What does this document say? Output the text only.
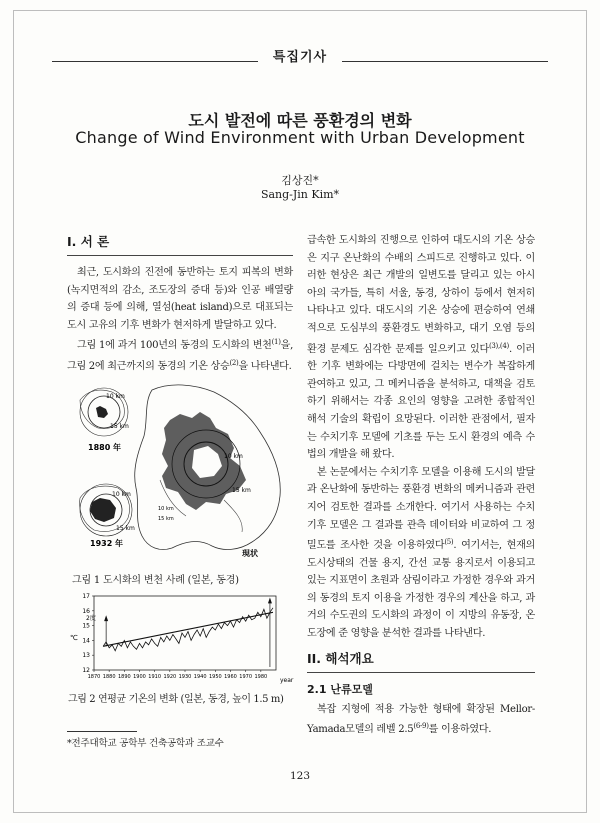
특집기사
도시 발전에 따른 풍환경의 변화
Change of Wind Environment with Urban Development
김상진*
Sang-Jin Kim*
I. 서 론

최근, 도시화의 진전에 동반하는 토지 피복의 변화(녹지면적의 감소, 조도장의 증대 등)와 인공 배열량의 증대 등에 의해, 열섬(heat island)으로 대표되는 도시 고유의 기후 변화가 현저하게 발달하고 있다.

그림 1에 과거 100년의 동경의 도시화의 변천$^{(1)}$을, 그림 2에 최근까지의 동경의 기온 상승$^{(2)}$을 나타낸다.

10 km
15 km
1880 年
10 km
15 km
1932 年
10 km
15 km
現状
10 km
15 km
그림 1 도시화의 변천 사례 (일본, 동경)
℃
2度
year
12
13
14
15
16
17
1870 1880 1890 1900 1910 1920 1930 1940 1950 1960 1970 1980
그림 2 연평균 기온의 변화 (일본, 동경, 높이 1.5 m)
*전주대학교 공학부 건축공학과 조교수

급속한 도시화의 진행으로 인하여 대도시의 기온 상승은 지구 온난화의 수배의 스피드로 진행하고 있다. 이러한 현상은 최근 개발의 일변도를 달리고 있는 아시아의 국가들, 특히 서울, 동경, 상하이 등에서 현저히 나타나고 있다. 대도시의 기온 상승에 편승하여 연쇄적으로 도심부의 풍환경도 변화하고, 대기 오염 등의 환경 문제도 심각한 문제를 일으키고 있다$^{(3),(4)}$. 이러한 기후 변화에는 다방면에 걸치는 변수가 복잡하게 관여하고 있고, 그 메커니즘을 분석하고, 대책을 검토하기 위해서는 각종 요인의 영향을 고려한 종합적인 해석 기술의 확립이 요망된다. 이러한 관점에서, 필자는 수치기후 모델에 기초를 두는 도시 환경의 예측 수법의 개발을 해 왔다.

본 논문에서는 수치기후 모델을 이용해 도시의 발달과 온난화에 동반하는 풍환경 변화의 메커니즘과 관련지어 검토한 결과를 소개한다. 여기서 사용하는 수치기후 모델은 그 결과를 관측 데이터와 비교하여 그 정밀도를 조사한 것을 이용하였다$^{(5)}$. 여기서는, 현재의 도시상태의 건물 용지, 간선 교통 용지로서 이용되고 있는 지표면이 초원과 삼림이라고 가정한 경우와 과거의 동경의 토지 이용을 가정한 경우의 계산을 하고, 과거의 수도권의 도시화의 과정이 이 지방의 유동장, 온도장에 준 영향을 분석한 결과를 나타낸다.

II. 해석개요
2.1 난류모델

복잡 지형에 적용 가능한 형태에 확장된 Mellor-Yamada모델의 레벨 2.5$^{(6-9)}$를 이용하였다.

123
